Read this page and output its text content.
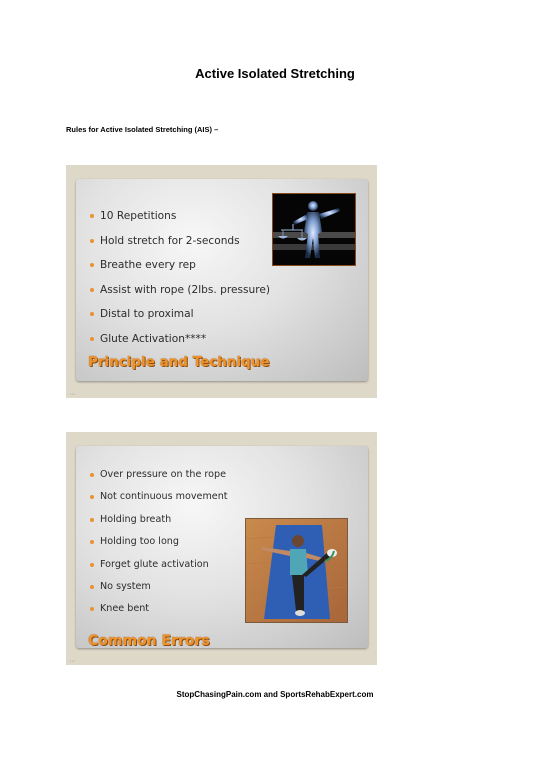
Active Isolated Stretching
Rules for Active Isolated Stretching (AIS) –
10 Repetitions
Hold stretch for 2-seconds
Breathe every rep
Assist with rope (2lbs. pressure)
Distal to proximal
Glute Activation****
Principle and Technique
▪ ▪ ▪
Over pressure on the rope
Not continuous movement
Holding breath
Holding too long
Forget glute activation
No system
Knee bent
Common Errors
▪ ▪ ▪
StopChasingPain.com and SportsRehabExpert.com
